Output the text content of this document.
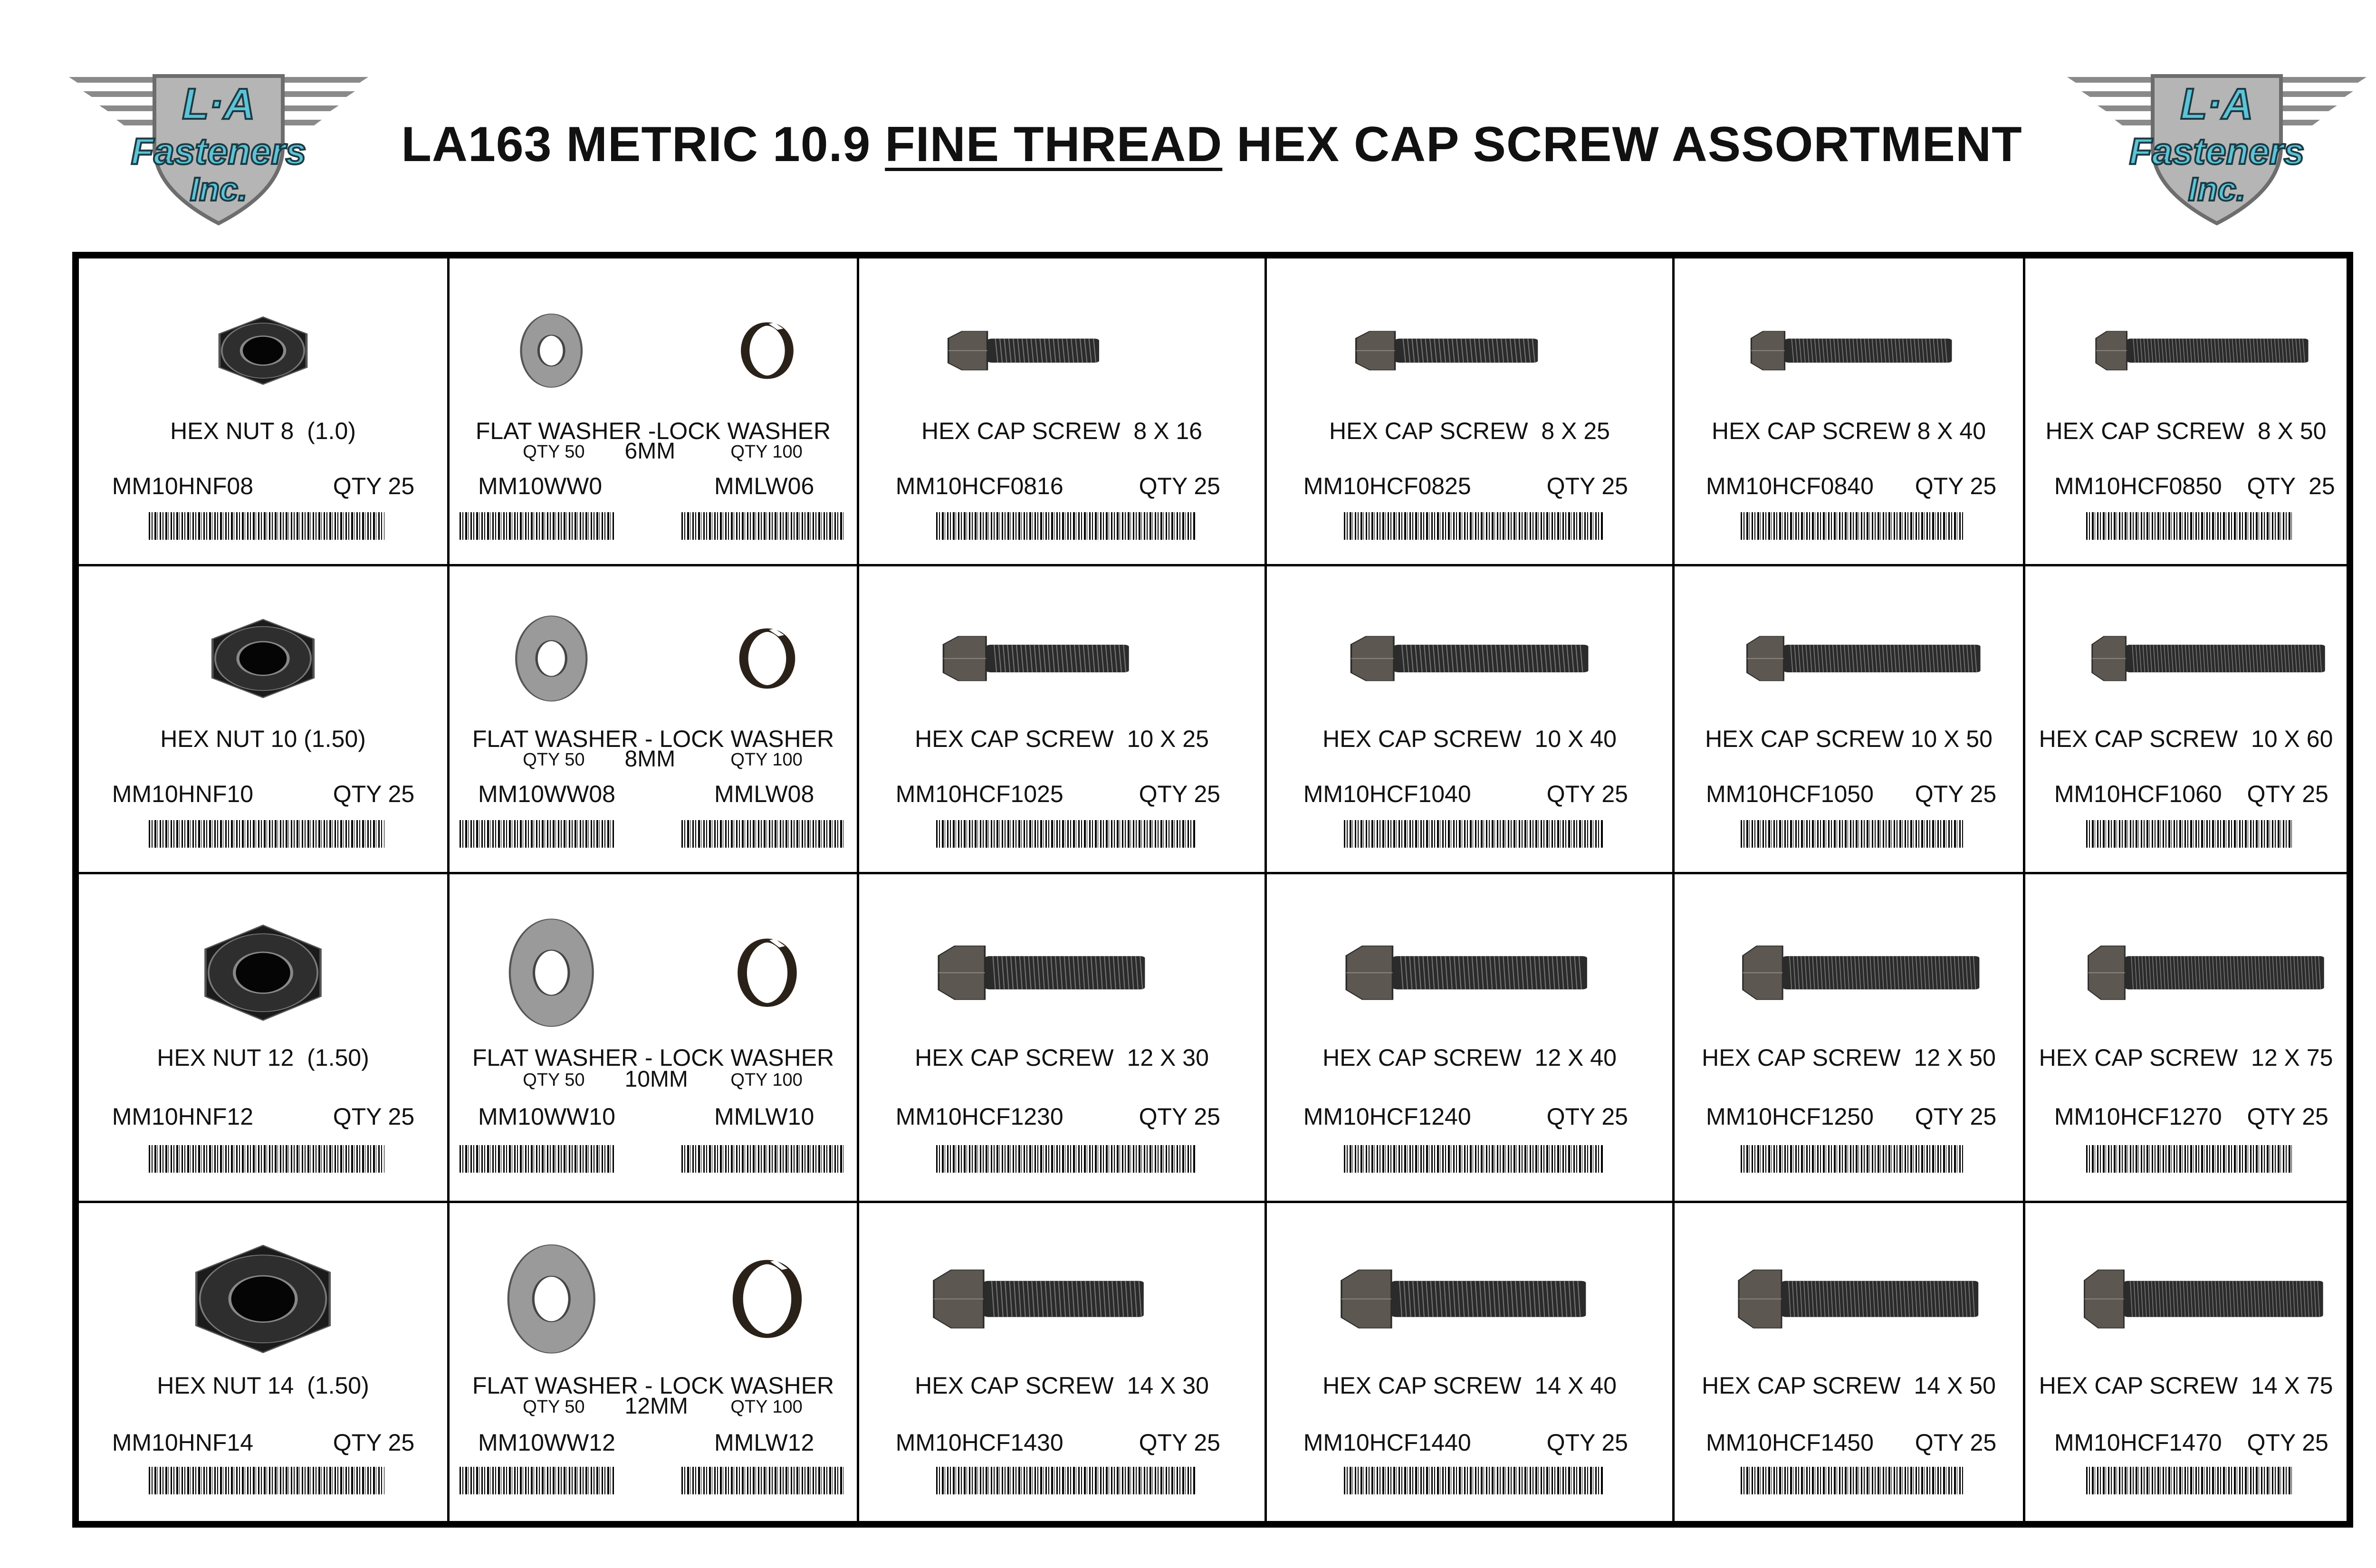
L·A
Fasteners
Inc.
L·A
Fasteners
Inc.
LA163 METRIC 10.9 FINE THREAD HEX CAP SCREW ASSORTMENT
HEX NUT 8  (1.0)
MM10HNF08	QTY 25
FLAT WASHER -LOCK WASHER
QTY 50 6MM	QTY 100
MM10WW0	MMLW06
HEX CAP SCREW  8 X 16
MM10HCF0816	QTY 25
HEX CAP SCREW  8 X 25
MM10HCF0825	QTY 25
HEX CAP SCREW 8 X 40
MM10HCF0840 QTY 25
HEX CAP SCREW  8 X 50
MM10HCF0850 QTY  25
HEX NUT 10 (1.50)
MM10HNF10	QTY 25
FLAT WASHER - LOCK WASHER
QTY 50 8MM	QTY 100
MM10WW08	MMLW08
HEX CAP SCREW  10 X 25
MM10HCF1025	QTY 25
HEX CAP SCREW  10 X 40
MM10HCF1040	QTY 25
HEX CAP SCREW 10 X 50
MM10HCF1050 QTY 25
HEX CAP SCREW  10 X 60
MM10HCF1060 QTY 25
HEX NUT 12  (1.50)
MM10HNF12	QTY 25
FLAT WASHER - LOCK WASHER
QTY 50 10MM QTY 100
MM10WW10	MMLW10
HEX CAP SCREW  12 X 30
MM10HCF1230	QTY 25
HEX CAP SCREW  12 X 40
MM10HCF1240	QTY 25
HEX CAP SCREW  12 X 50
MM10HCF1250 QTY 25
HEX CAP SCREW  12 X 75
MM10HCF1270 QTY 25
HEX NUT 14  (1.50)
MM10HNF14	QTY 25
FLAT WASHER - LOCK WASHER
QTY 50 12MM QTY 100
MM10WW12	MMLW12
HEX CAP SCREW  14 X 30
MM10HCF1430	QTY 25
HEX CAP SCREW  14 X 40
MM10HCF1440	QTY 25
HEX CAP SCREW  14 X 50
MM10HCF1450 QTY 25
HEX CAP SCREW  14 X 75
MM10HCF1470 QTY 25
